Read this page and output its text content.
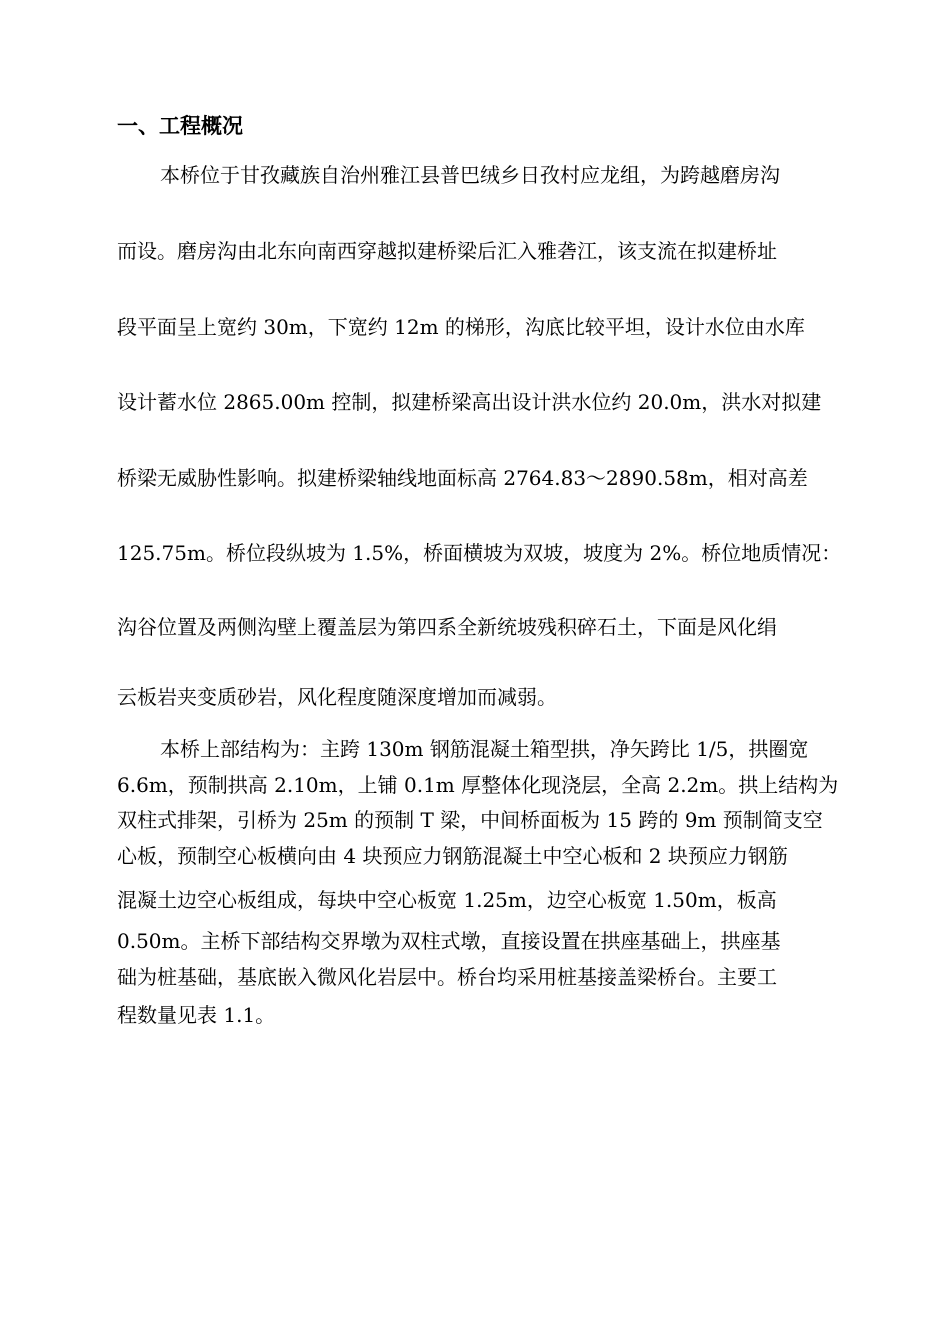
一、工程概况
本桥位于甘孜藏族自治州雅江县普巴绒乡日孜村应龙组，为跨越磨房沟
而设。磨房沟由北东向南西穿越拟建桥梁后汇入雅砻江，该支流在拟建桥址
段平面呈上宽约 30m，下宽约 12m 的梯形，沟底比较平坦，设计水位由水库
设计蓄水位 2865.00m 控制，拟建桥梁高出设计洪水位约 20.0m，洪水对拟建
桥梁无威胁性影响。拟建桥梁轴线地面标高 2764.83～2890.58m，相对高差
125.75m。桥位段纵坡为 1.5%，桥面横坡为双坡，坡度为 2%。桥位地质情况：
沟谷位置及两侧沟壁上覆盖层为第四系全新统坡残积碎石土，下面是风化绢
云板岩夹变质砂岩，风化程度随深度增加而减弱。
本桥上部结构为：主跨 130m 钢筋混凝土箱型拱，净矢跨比 1/5，拱圈宽
6.6m，预制拱高 2.10m，上铺 0.1m 厚整体化现浇层，全高 2.2m。拱上结构为
双柱式排架，引桥为 25m 的预制 T 梁，中间桥面板为 15 跨的 9m 预制简支空
心板，预制空心板横向由 4 块预应力钢筋混凝土中空心板和 2 块预应力钢筋
混凝土边空心板组成，每块中空心板宽 1.25m，边空心板宽 1.50m，板高
0.50m。主桥下部结构交界墩为双柱式墩，直接设置在拱座基础上，拱座基
础为桩基础，基底嵌入微风化岩层中。桥台均采用桩基接盖梁桥台。主要工
程数量见表 1.1。
